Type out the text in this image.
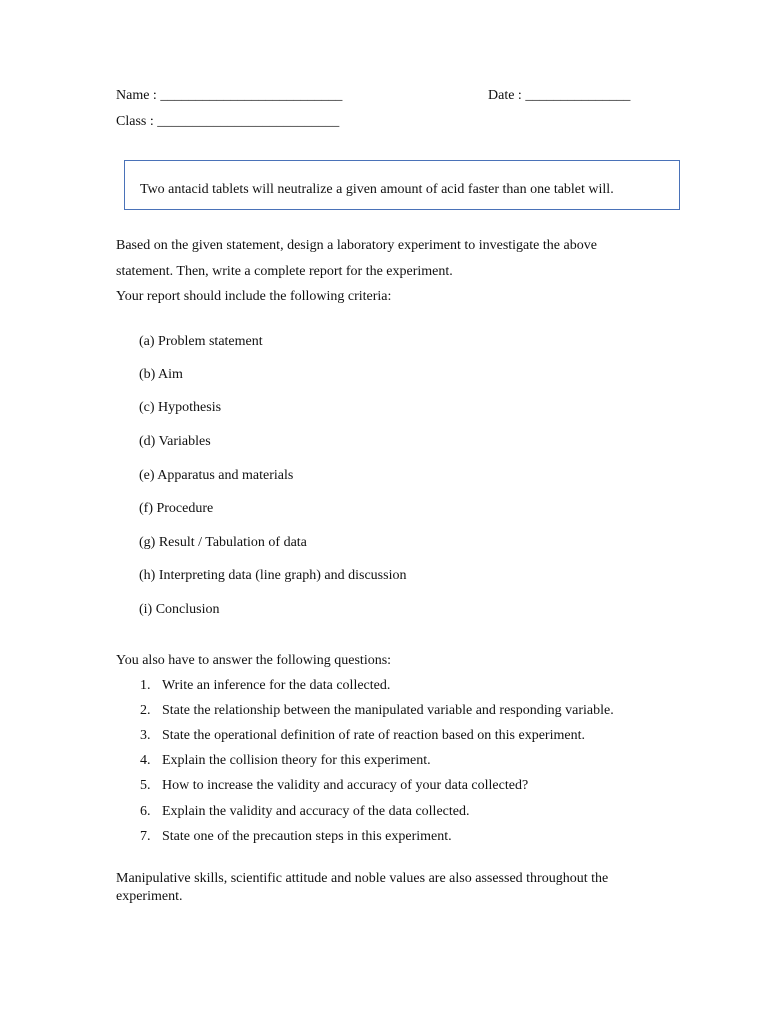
Name : __________________________	Date : _______________
Class : __________________________
Two antacid tablets will neutralize a given amount of acid faster than one tablet will.
Based on the given statement, design a laboratory experiment to investigate the above
statement. Then, write a complete report for the experiment.
Your report should include the following criteria:
(a) Problem statement
(b) Aim
(c) Hypothesis
(d) Variables
(e) Apparatus and materials
(f) Procedure
(g) Result / Tabulation of data
(h) Interpreting data (line graph) and discussion
(i) Conclusion
You also have to answer the following questions:
1. Write an inference for the data collected.
2. State the relationship between the manipulated variable and responding variable.
3. State the operational definition of rate of reaction based on this experiment.
4. Explain the collision theory for this experiment.
5. How to increase the validity and accuracy of your data collected?
6. Explain the validity and accuracy of the data collected.
7. State one of the precaution steps in this experiment.
Manipulative skills, scientific attitude and noble values are also assessed throughout the experiment.
